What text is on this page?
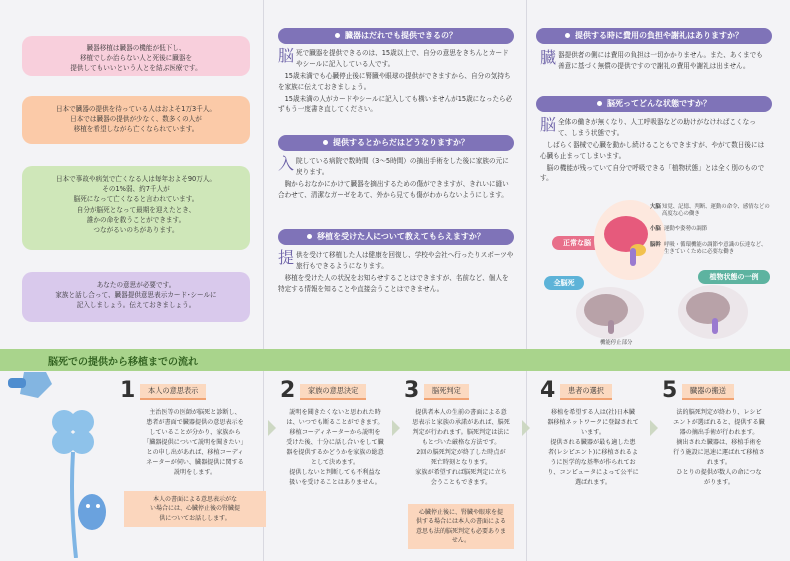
臓器移植は臓器の機能が低下し、
移植でしか治らない人と死後に臓器を
提供してもいいという人とを結ぶ医療です。

日本で臓器の提供を待っている人はおよそ1万3千人。
日本では臓器の提供が少なく、数多くの人が
移植を希望しながら亡くなられています。

日本で事故や病気で亡くなる人は毎年およそ90万人。
その1%弱、約7千人が
脳死になって亡くなると言われています。
自分が脳死となって最期を迎えたとき、
誰かの命を救うことができます。
つながるいのちがあります。

あなたの意思が必要です。
家族と話し合って、臓器提供意思表示カード･シールに
記入しましょう。伝えておきましょう。

臓器はだれでも提供できるの？

脳死で臓器を提供できるのは、15歳以上で、自分の意思をきちんとカードやシールに記入している人です。

15歳未満でも心臓停止後に腎臓や眼球の提供ができますから、自分の気持ちを家族に伝えておきましょう。

15歳未満の人がカードやシールに記入しても構いませんが15歳になったら必ずもう一度書き直してください。

提供するとからだはどうなりますか？

入院している病院で数時間（3～5時間）の摘出手術をした後に家族の元に戻ります。

胸からおなかにかけて臓器を摘出するための傷ができますが、きれいに縫い合わせて、清潔なガーゼをあて、外から見ても傷がわからないようにします。

移植を受けた人について教えてもらえますか？

提供を受けて移植した人は健康を回復し、学校や会社へ行ったりスポーツや旅行もできるようになります。

移植を受けた人の状況をお知らせすることはできますが、名前など、個人を特定する情報を知ることや直接会うことはできません。

提供する時に費用の負担や謝礼はありますか？

臓器提供者の側には費用の負担は一切かかりません。また、あくまでも善意に基づく無償の提供ですので謝礼の費用や謝礼は出ません。

脳死ってどんな状態ですか？

脳全体の働きが無くなり、人工呼吸器などの助けがなければこくなって、しまう状態です。

しばらく器械で心臓を動かし続けることもできますが、やがて数日後には心臓も止まってしまいます。

脳の機能が残っていて自分で呼吸できる「植物状態」とは全く別のものです。

正常な脳
全脳死
植物状態の一例
大脳 知覚、記憶、判断、運動の命令、感情などの高度な心の働き
小脳 運動や姿勢の調節
脳幹 呼吸・循環機能の調節や意識の伝達など、生きていくために必要な働き
機能停止部分
脳死での提供から移植までの流れ
1	本人の意思表示
主治医等の医師が脳死と診断し、
患者が書面で臓器提供の意思表示を
していることが分かり、家族から
「臓器提供について説明を聞きたい」
との申し出があれば、移植コーディ
ネーターが伺い、臓器提供に関する
説明をします。
本人の書面による意思表示がな
い場合には、心臓停止後の腎臓提
供についてお話しします。
2	家族の意思決定
説明を聞きたくないと思われた時
は、いつでも断ることができます。
移植コーディネーターから説明を
受けた後、十分に話し合いをして臓
器を提供するかどうかを家族の総意
として決めます。
提供しないと判断しても不利益な
扱いを受けることはありません。
3	脳死判定
提供者本人の生前の書面による意
思表示と家族の承諾があれば、脳死
判定が行われます。脳死判定は法に
もとづいた厳格な方法です。
2回の脳死判定が終了した時点が
死亡時刻となります。
家族が希望すれば脳死判定に立ち
会うこともできます。
心臓停止後に、腎臓や眼球を提
供する場合には本人の書面による
意思も法的脳死判定も必要ありま
せん。
4	患者の選択
移植を希望する人は(社)日本臓
器移植ネットワークに登録されて
います。
提供される臓器が最も適した患
者(レシピエント)に移植されるよ
うに医学的な基準が作られてお
り、コンピュータによって公平に
選ばれます。
5	臓器の搬送
法的脳死判定が終わり、レシピ
エントが選ばれると、提供する臓
器の摘出手術が行われます。
摘出された臓器は、移植手術を
行う施設に迅速に運ばれて移植さ
れます。
ひとりの提供が数人の命につな
がります。
